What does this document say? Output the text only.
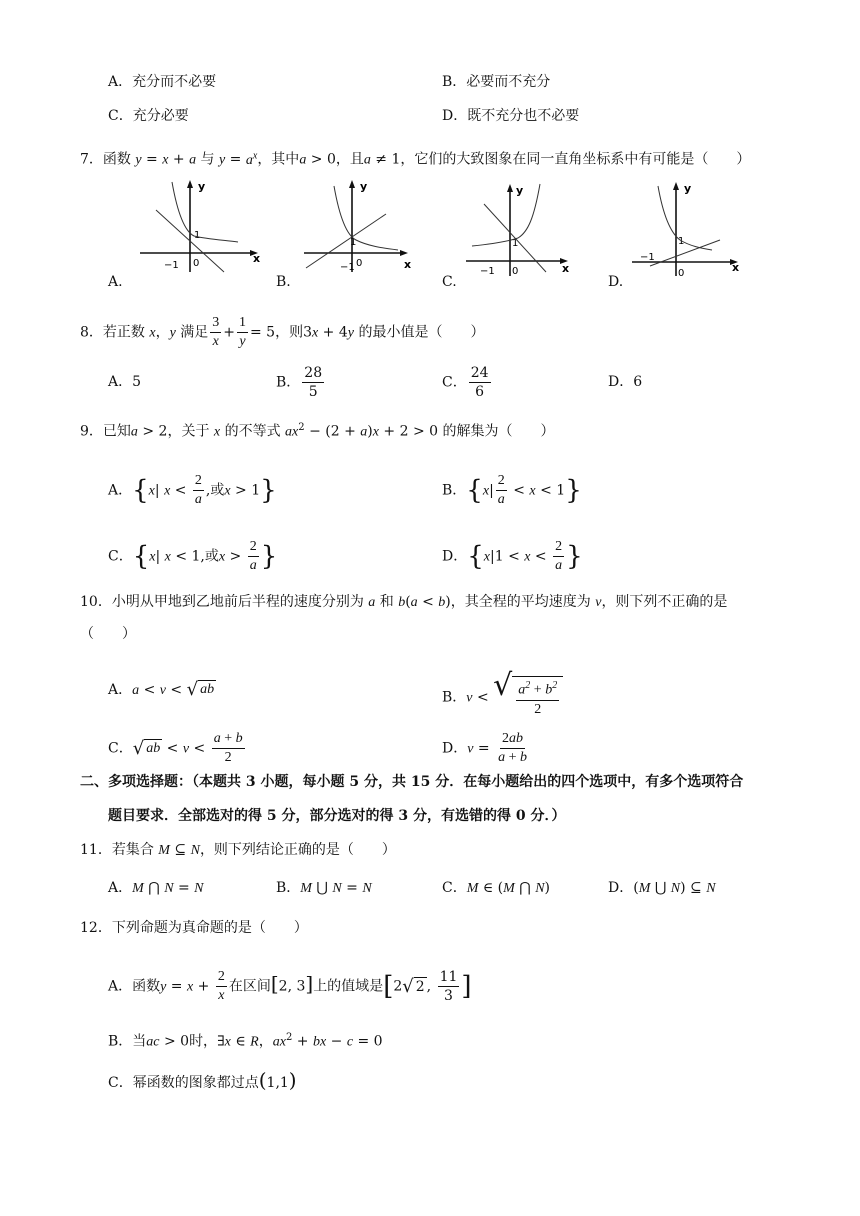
A．充分而不必要	B．必要而不充分
C．充分必要	D．既不充分也不必要
7．函数 y = x + a 与 $y = a^x$，其中a > 0，且a ≠ 1，它们的大致图象在同一直角坐标系中有可能是（　　）
A.	B.	C.	D.
y
x
0
1
−1
y
x
0
−1
1
y
x
0
1
−1
y
x
0
1
−1
8．若正数 x，y 满足 $\frac{3}{x} + \frac{1}{y} = 5$，则3x + 4y 的最小值是（　　）
A．5	B． $\frac{28}{5}$	C． $\frac{24}{6}$	D．6
9．已知a > 2，关于 x 的不等式 $ax^2 - (2 + a)x + 2 > 0$ 的解集为（　　）
A．{x| $x < \frac{2}{a}$ ,或x > 1}	B．$\{x| \frac{2}{a} < x < 1\}$
C．{x| x < 1,或$x > \frac{2}{a}$ }	D．{$x|1 < x < \frac{2}{a}$ }
10．小明从甲地到乙地前后半程的速度分别为 a 和 b(a < b)，其全程的平均速度为 v，则下列不正确的是
（　　）
A．a < v < √ ab	B．v < √ $\frac{a^2 + b^2}{2}$
C． √ ab < $v < \frac{a + b}{2}$	D．$v = \frac{2ab}{a + b}$
二、多项选择题：（本题共 3 小题，每小题 5 分，共 15 分．在每小题给出的四个选项中，有多个选项符合
题目要求．全部选对的得 5 分，部分选对的得 3 分，有选错的得 0 分．）
11．若集合 M ⊆ N，则下列结论正确的是（　　）
A．M ⋂ N = N	B．M ⋃ N = N	C．M ∈ (M ⋂ N)	D．(M ⋃ N) ⊆ N
12．下列命题为真命题的是（　　）
A．函数$y = x + \frac{2}{x}$ 在区间[2, 3]上的值域是[2 √ 2 , $\frac{11}{3}$ ]
B．当ac > 0时，∃x ∈ R，$ax^2$ + bx − c = 0
C．幂函数的图象都过点(1,1)
